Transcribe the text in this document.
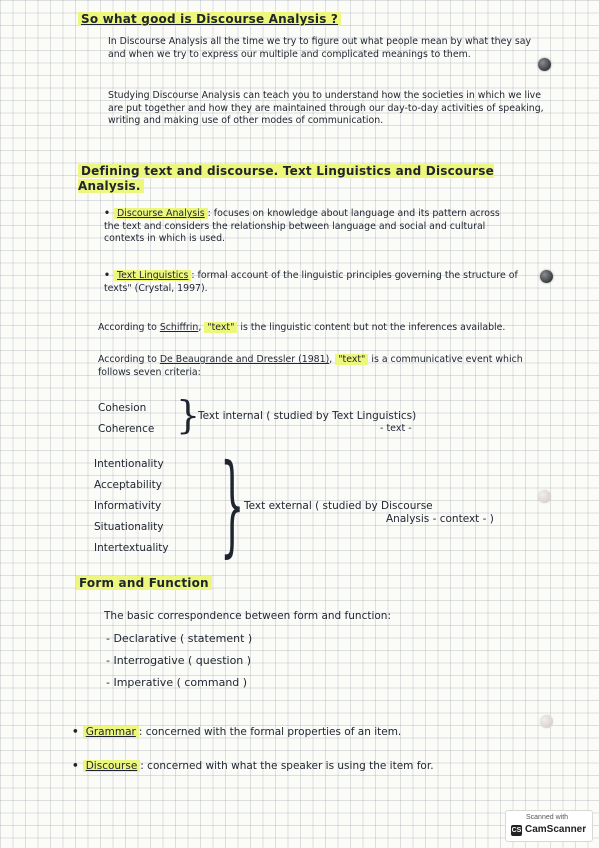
So what good is Discourse Analysis ?

In Discourse Analysis all the time we try to figure out what people mean by what they say and when we try to express our multiple and complicated meanings to them.

Studying Discourse Analysis can teach you to understand how the societies in which we live are put together and how they are maintained through our day-to-day activities of speaking, writing and making use of other modes of communication.

Defining text and discourse. Text Linguistics and Discourse Analysis.
• Discourse Analysis : focuses on knowledge about language and its pattern across the text and considers the relationship between language and social and cultural contexts in which is used.
• Text Linguistics : formal account of the linguistic principles governing the structure of texts" (Crystal, 1997).

According to Schiffrin, "text" is the linguistic content but not the inferences available.

According to De Beaugrande and Dressler (1981), "text" is a communicative event which follows seven criteria:

Cohesion
Coherence }
Text internal ( studied by Text Linguistics)
- text -
Intentionality
Acceptability
Informativity
Situationality
Intertextuality } Text external ( studied by Discourse
Analysis - context - )
Form and Function

The basic correspondence between form and function:

- Declarative ( statement )
- Interrogative ( question )
- Imperative ( command )
• Grammar : concerned with the formal properties of an item.
• Discourse : concerned with what the speaker is using the item for.
Scanned with
CS CamScanner
